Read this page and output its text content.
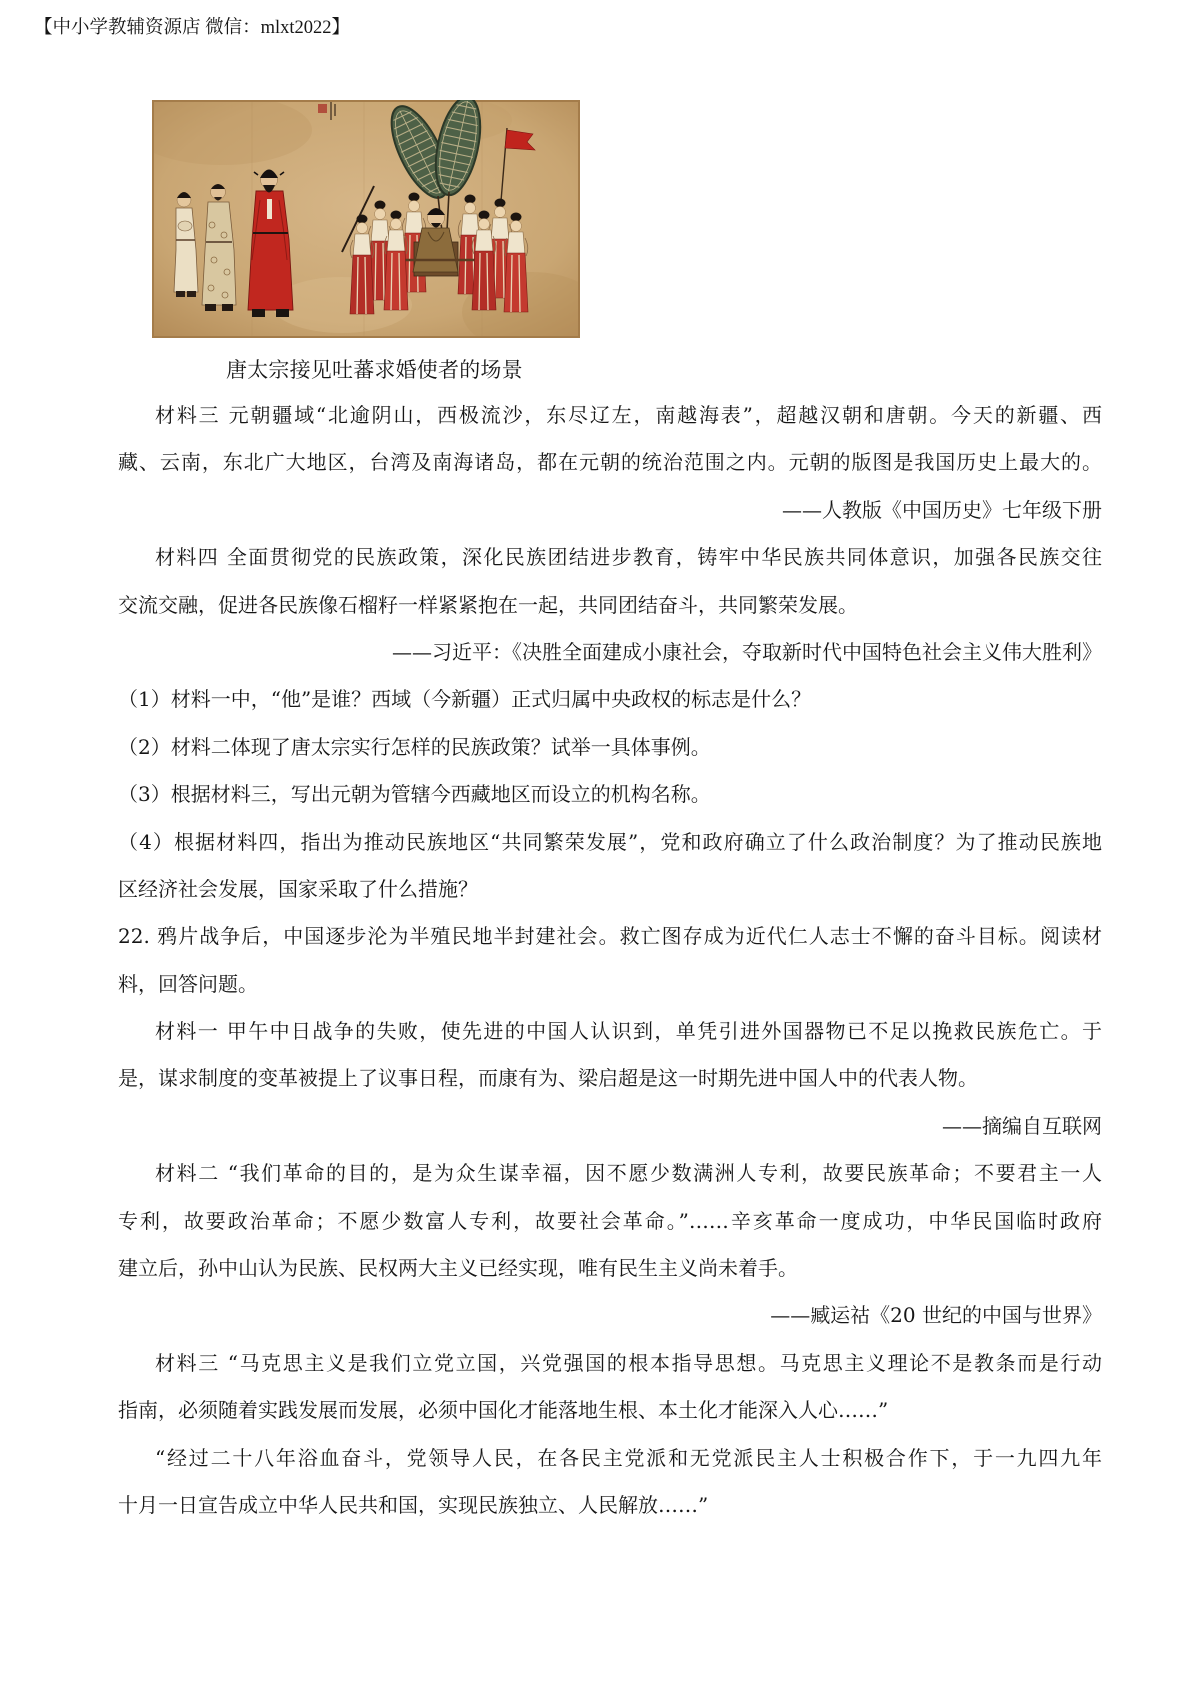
【中小学教辅资源店 微信：mlxt2022】
唐太宗接见吐蕃求婚使者的场景
材料三 元朝疆域“北逾阴山，西极流沙，东尽辽左，南越海表”，超越汉朝和唐朝。今天的新疆、西
藏、云南，东北广大地区，台湾及南海诸岛，都在元朝的统治范围之内。元朝的版图是我国历史上最大的。
——人教版《中国历史》七年级下册
材料四 全面贯彻党的民族政策，深化民族团结进步教育，铸牢中华民族共同体意识，加强各民族交往
交流交融，促进各民族像石榴籽一样紧紧抱在一起，共同团结奋斗，共同繁荣发展。
——习近平：《决胜全面建成小康社会，夺取新时代中国特色社会主义伟大胜利》
（1）材料一中，“他”是谁？西域（今新疆）正式归属中央政权的标志是什么？
（2）材料二体现了唐太宗实行怎样的民族政策？试举一具体事例。
（3）根据材料三，写出元朝为管辖今西藏地区而设立的机构名称。
（4）根据材料四，指出为推动民族地区“共同繁荣发展”，党和政府确立了什么政治制度？为了推动民族地
区经济社会发展，国家采取了什么措施？
22. 鸦片战争后，中国逐步沦为半殖民地半封建社会。救亡图存成为近代仁人志士不懈的奋斗目标。阅读材
料，回答问题。
材料一 甲午中日战争的失败，使先进的中国人认识到，单凭引进外国器物已不足以挽救民族危亡。于
是，谋求制度的变革被提上了议事日程，而康有为、梁启超是这一时期先进中国人中的代表人物。
——摘编自互联网
材料二 “我们革命的目的，是为众生谋幸福，因不愿少数满洲人专利，故要民族革命；不要君主一人
专利，故要政治革命；不愿少数富人专利，故要社会革命。”……辛亥革命一度成功，中华民国临时政府
建立后，孙中山认为民族、民权两大主义已经实现，唯有民生主义尚未着手。
——臧运祜《20 世纪的中国与世界》
材料三 “马克思主义是我们立党立国，兴党强国的根本指导思想。马克思主义理论不是教条而是行动
指南，必须随着实践发展而发展，必须中国化才能落地生根、本土化才能深入人心……”
“经过二十八年浴血奋斗，党领导人民，在各民主党派和无党派民主人士积极合作下，于一九四九年
十月一日宣告成立中华人民共和国，实现民族独立、人民解放……”
